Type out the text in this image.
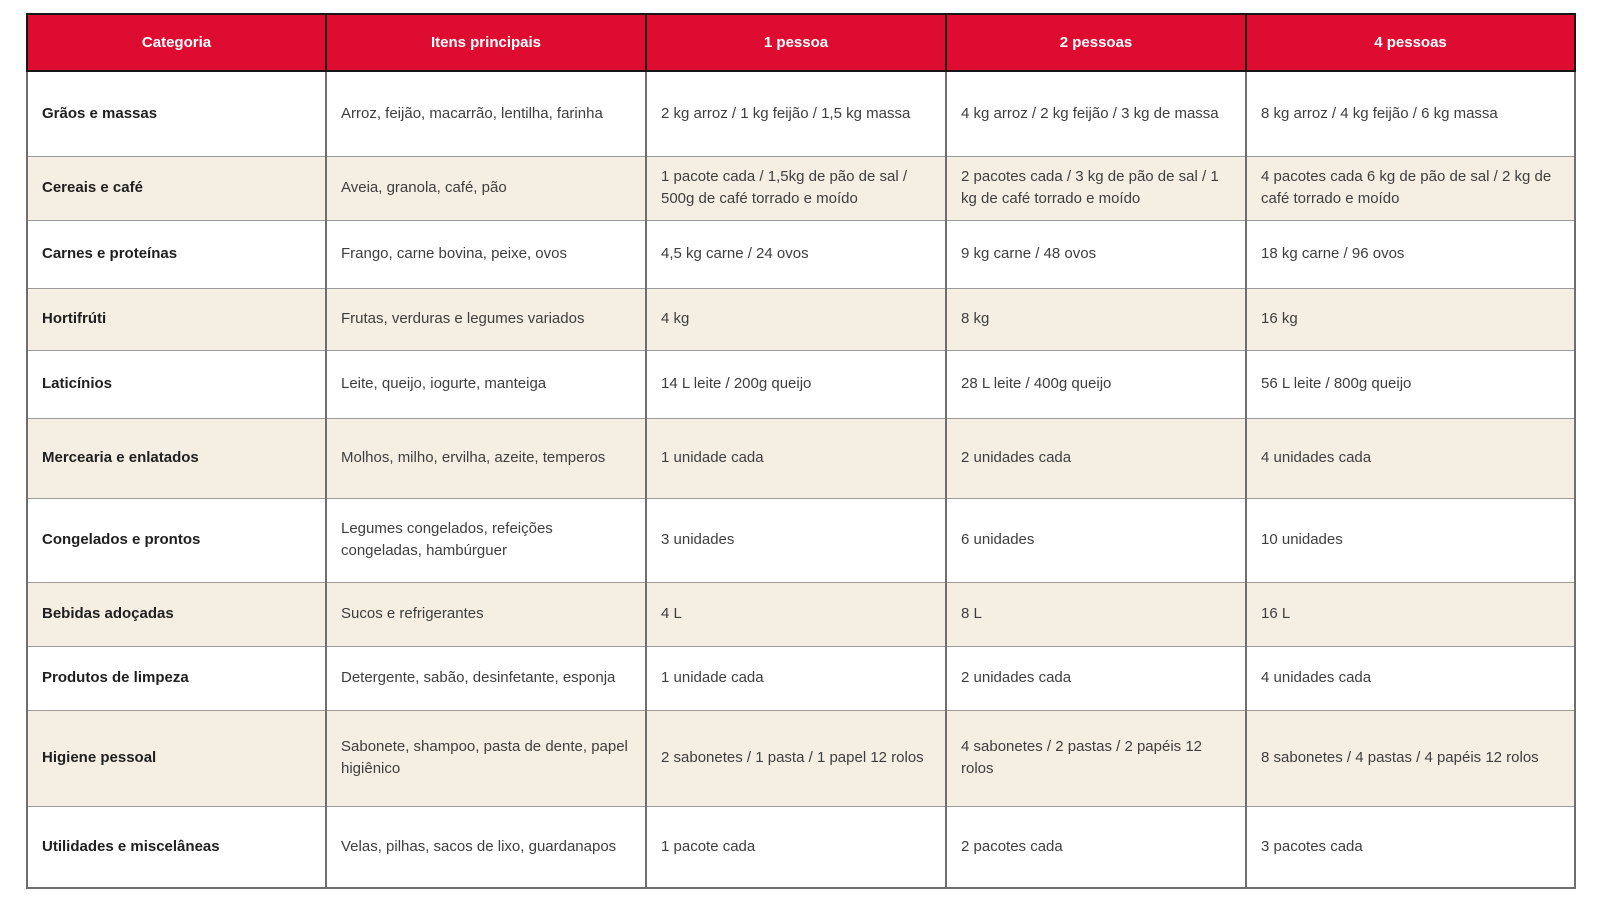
Categoria	Itens principais	1 pessoa	2 pessoas	4 pessoas
Grãos e massas	Arroz, feijão, macarrão, lentilha, farinha	2 kg arroz / 1 kg feijão / 1,5 kg massa	4 kg arroz / 2 kg feijão / 3 kg de massa	8 kg arroz / 4 kg feijão / 6 kg massa
Cereais e café	Aveia, granola, café, pão	1 pacote cada / 1,5kg de pão de sal / 500g de café torrado e moído	2 pacotes cada / 3 kg de pão de sal / 1 kg de café torrado e moído	4 pacotes cada 6 kg de pão de sal / 2 kg de café torrado e moído
Carnes e proteínas	Frango, carne bovina, peixe, ovos	4,5 kg carne / 24 ovos	9 kg carne / 48 ovos	18 kg carne / 96 ovos
Hortifrúti	Frutas, verduras e legumes variados	4 kg	8 kg	16 kg
Laticínios	Leite, queijo, iogurte, manteiga	14 L leite / 200g queijo	28 L leite / 400g queijo	56 L leite / 800g queijo
Mercearia e enlatados	Molhos, milho, ervilha, azeite, temperos	1 unidade cada	2 unidades cada	4 unidades cada
Congelados e prontos	Legumes congelados, refeições congeladas, hambúrguer	3 unidades	6 unidades	10 unidades
Bebidas adoçadas	Sucos e refrigerantes	4 L	8 L	16 L
Produtos de limpeza	Detergente, sabão, desinfetante, esponja	1 unidade cada	2 unidades cada	4 unidades cada
Higiene pessoal	Sabonete, shampoo, pasta de dente, papel higiênico	2 sabonetes / 1 pasta / 1 papel 12 rolos	4 sabonetes / 2 pastas / 2 papéis 12 rolos	8 sabonetes / 4 pastas / 4 papéis 12 rolos
Utilidades e miscelâneas	Velas, pilhas, sacos de lixo, guardanapos	1 pacote cada	2 pacotes cada	3 pacotes cada
